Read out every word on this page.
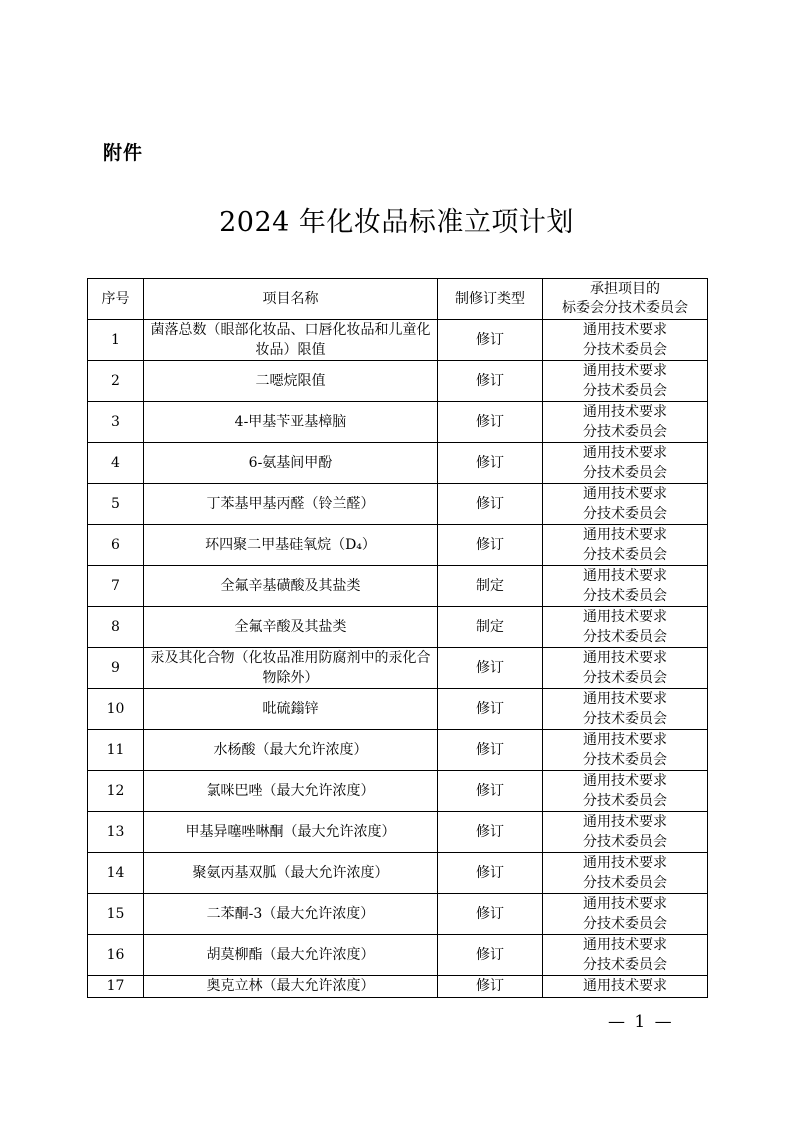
附件
2024 年化妆品标准立项计划
序号	项目名称	制修订类型	承担项目的
标委会分技术委员会

1	菌落总数（眼部化妆品、口唇化妆品和儿童化妆品）限值	修订	通用技术要求
分技术委员会

2	二噁烷限值	修订	通用技术要求
分技术委员会

3	4-甲基苄亚基樟脑	修订	通用技术要求
分技术委员会

4	6-氨基间甲酚	修订	通用技术要求
分技术委员会

5	丁苯基甲基丙醛（铃兰醛）	修订	通用技术要求
分技术委员会

6	环四聚二甲基硅氧烷（D₄）	修订	通用技术要求
分技术委员会

7	全氟辛基磺酸及其盐类	制定	通用技术要求
分技术委员会

8	全氟辛酸及其盐类	制定	通用技术要求
分技术委员会

9	汞及其化合物（化妆品准用防腐剂中的汞化合物除外）	修订	通用技术要求
分技术委员会

10	吡硫鎓锌	修订	通用技术要求
分技术委员会

11	水杨酸（最大允许浓度）	修订	通用技术要求
分技术委员会

12	氯咪巴唑（最大允许浓度）	修订	通用技术要求
分技术委员会

13	甲基异噻唑啉酮（最大允许浓度）	修订	通用技术要求
分技术委员会

14	聚氨丙基双胍（最大允许浓度）	修订	通用技术要求
分技术委员会

15	二苯酮-3（最大允许浓度）	修订	通用技术要求
分技术委员会

16	胡莫柳酯（最大允许浓度）	修订	通用技术要求
分技术委员会

17	奥克立林（最大允许浓度）	修订	通用技术要求
— 1 —
